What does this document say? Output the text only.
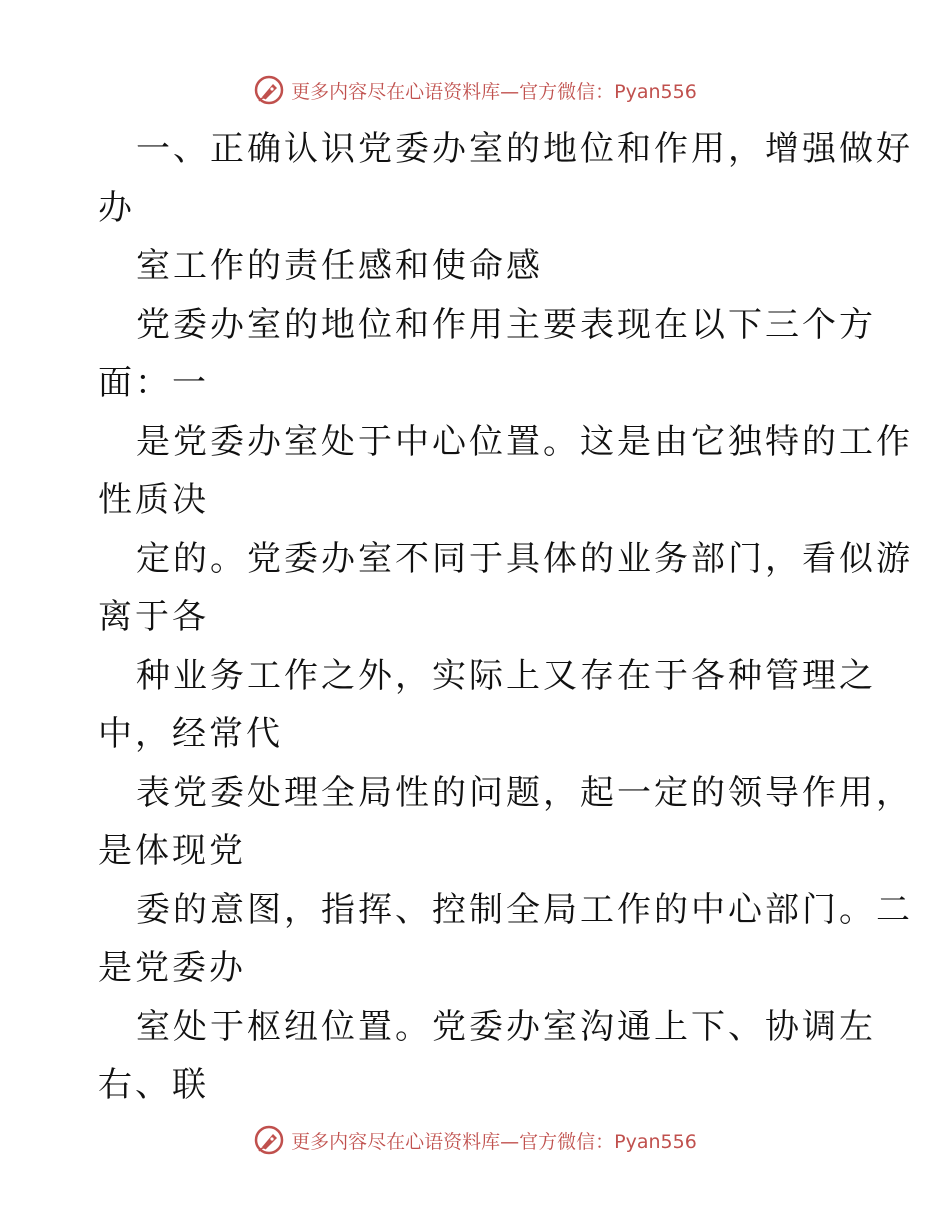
更多内容尽在心语资料库—官方微信：Pyan556
一、正确认识党委办室的地位和作用，增强做好
办
室工作的责任感和使命感
党委办室的地位和作用主要表现在以下三个方
面：一
是党委办室处于中心位置。这是由它独特的工作
性质决
定的。党委办室不同于具体的业务部门，看似游
离于各
种业务工作之外，实际上又存在于各种管理之
中，经常代
表党委处理全局性的问题，起一定的领导作用，
是体现党
委的意图，指挥、控制全局工作的中心部门。二
是党委办
室处于枢纽位置。党委办室沟通上下、协调左
右、联
更多内容尽在心语资料库—官方微信：Pyan556
